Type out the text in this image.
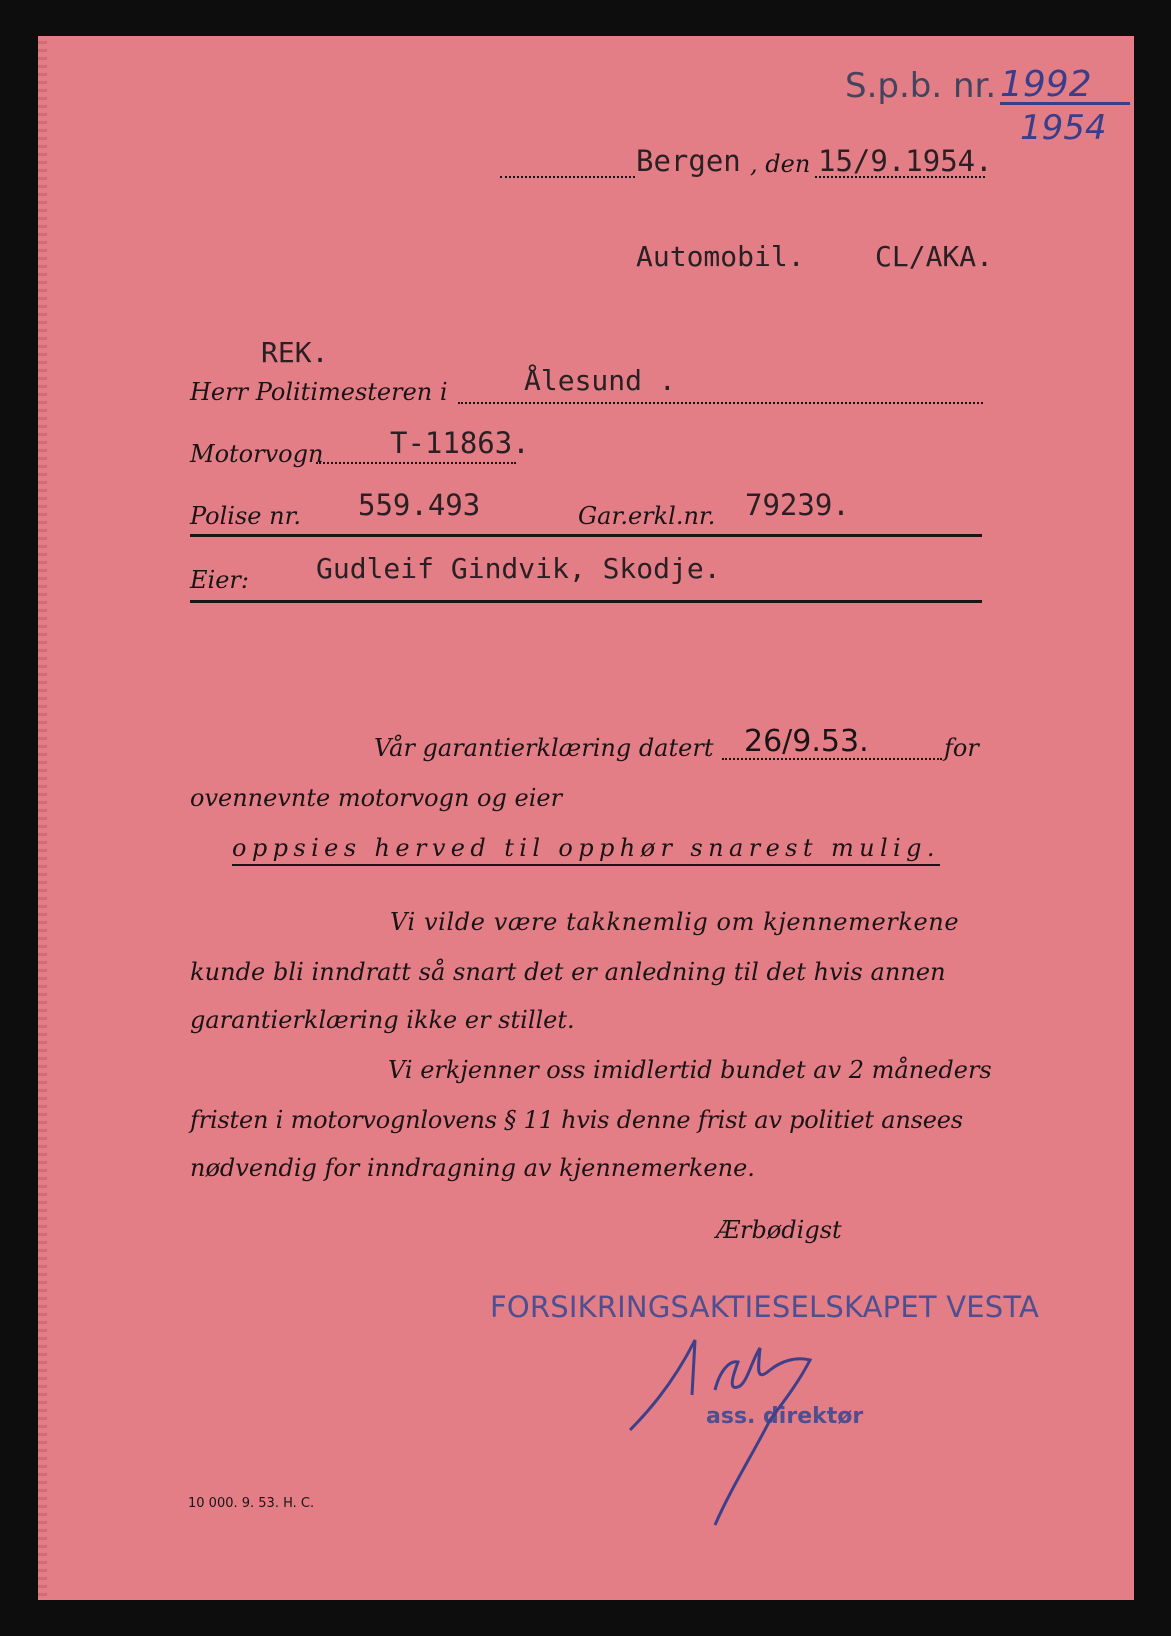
S.p.b. nr. 1992
1954
Bergen , den 15/9.1954.
Automobil.	CL/AKA.
REK.
Herr Politimesteren i	Ålesund .
Motorvogn T-11863.
Polise nr. 559.493	Gar.erkl.nr. 79239.
Eier: Gudleif Gindvik, Skodje.
Vår garantierklæring datert 26/9.53.	for
ovennevnte motorvogn og eier
oppsies herved til opphør snarest mulig.
Vi vilde være takknemlig om kjennemerkene
kunde bli inndratt så snart det er anledning til det hvis annen
garantierklæring ikke er stillet.
Vi erkjenner oss imidlertid bundet av 2 måneders
fristen i motorvognlovens § 11 hvis denne frist av politiet ansees
nødvendig for inndragning av kjennemerkene.
Ærbødigst
FORSIKRINGSAKTIESELSKAPET VESTA
ass. direktør
10 000. 9. 53. H. C.
